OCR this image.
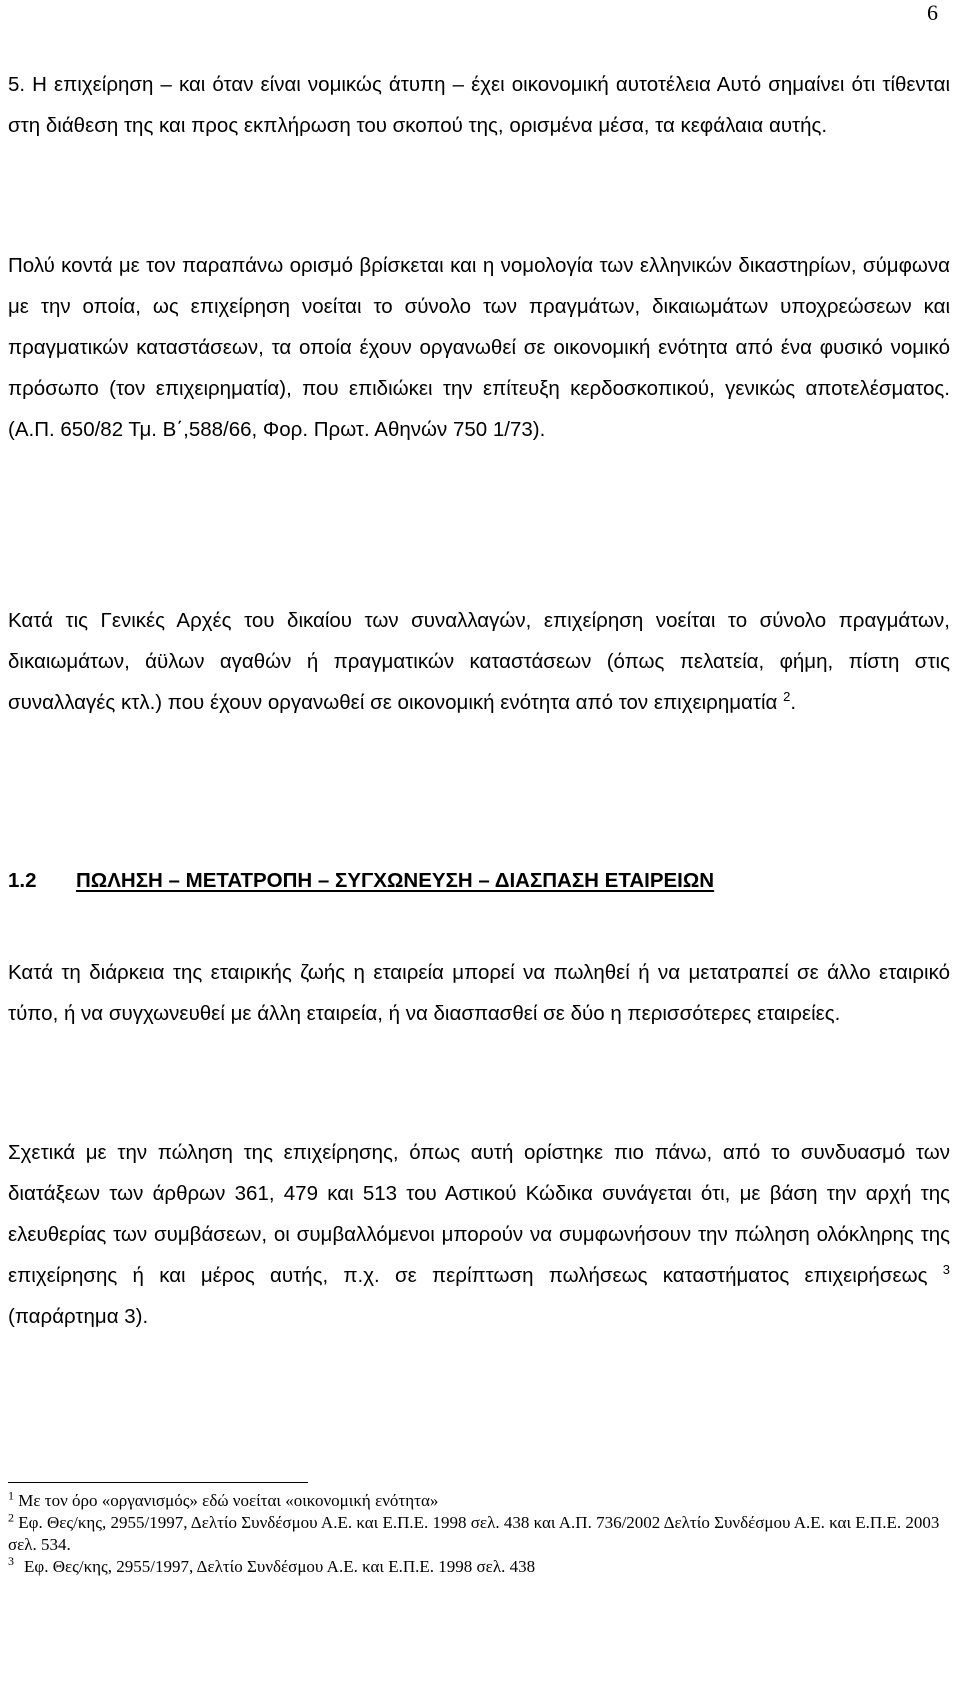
6

5. Η επιχείρηση – και όταν είναι νομικώς άτυπη – έχει οικονομική αυτοτέλεια Αυτό σημαίνει ότι τίθενται στη διάθεση της και προς εκπλήρωση του σκοπού της, ορισμένα μέσα, τα κεφάλαια αυτής.

Πολύ κοντά με τον παραπάνω ορισμό βρίσκεται και η νομολογία των ελληνικών δικαστηρίων, σύμφωνα με την οποία, ως επιχείρηση νοείται το σύνολο των πραγμάτων, δικαιωμάτων υποχρεώσεων και πραγματικών καταστάσεων, τα οποία έχουν οργανωθεί σε οικονομική ενότητα από ένα φυσικό νομικό πρόσωπο (τον επιχειρηματία), που επιδιώκει την επίτευξη κερδοσκοπικού, γενικώς αποτελέσματος. (Α.Π. 650/82 Τμ. Β΄,588/66, Φορ. Πρωτ. Αθηνών 750 1/73).

Κατά τις Γενικές Αρχές του δικαίου των συναλλαγών, επιχείρηση νοείται το σύνολο πραγμάτων, δικαιωμάτων, άϋλων αγαθών ή πραγματικών καταστάσεων (όπως πελατεία, φήμη, πίστη στις συναλλαγές κτλ.) που έχουν οργανωθεί σε οικονομική ενότητα από τον επιχειρηματία $^2$.

1.2 ΠΩΛΗΣΗ – ΜΕΤΑΤΡΟΠΗ – ΣΥΓΧΩΝΕΥΣΗ – ΔΙΑΣΠΑΣΗ ΕΤΑΙΡΕΙΩΝ

Κατά τη διάρκεια της εταιρικής ζωής η εταιρεία μπορεί να πωληθεί ή να μετατραπεί σε άλλο εταιρικό τύπο, ή να συγχωνευθεί με άλλη εταιρεία, ή να διασπασθεί σε δύο η περισσότερες εταιρείες.

Σχετικά με την πώληση της επιχείρησης, όπως αυτή ορίστηκε πιο πάνω, από το συνδυασμό των διατάξεων των άρθρων 361, 479 και 513 του Αστικού Κώδικα συνάγεται ότι, με βάση την αρχή της ελευθερίας των συμβάσεων, οι συμβαλλόμενοι μπορούν να συμφωνήσουν την πώληση ολόκληρης της επιχείρησης ή και μέρος αυτής, π.χ. σε περίπτωση πωλήσεως καταστήματος επιχειρήσεως $^3$ (παράρτημα 3).

$^1$ Με τον όρο «οργανισμός» εδώ νοείται «οικονομική ενότητα»

$^2$ Εφ. Θες/κης, 2955/1997, Δελτίο Συνδέσμου Α.Ε. και Ε.Π.Ε. 1998 σελ. 438 και Α.Π. 736/2002 Δελτίο Συνδέσμου Α.Ε. και Ε.Π.Ε. 2003 σελ. 534.

$^3$ Εφ. Θες/κης, 2955/1997, Δελτίο Συνδέσμου Α.Ε. και Ε.Π.Ε. 1998 σελ. 438
